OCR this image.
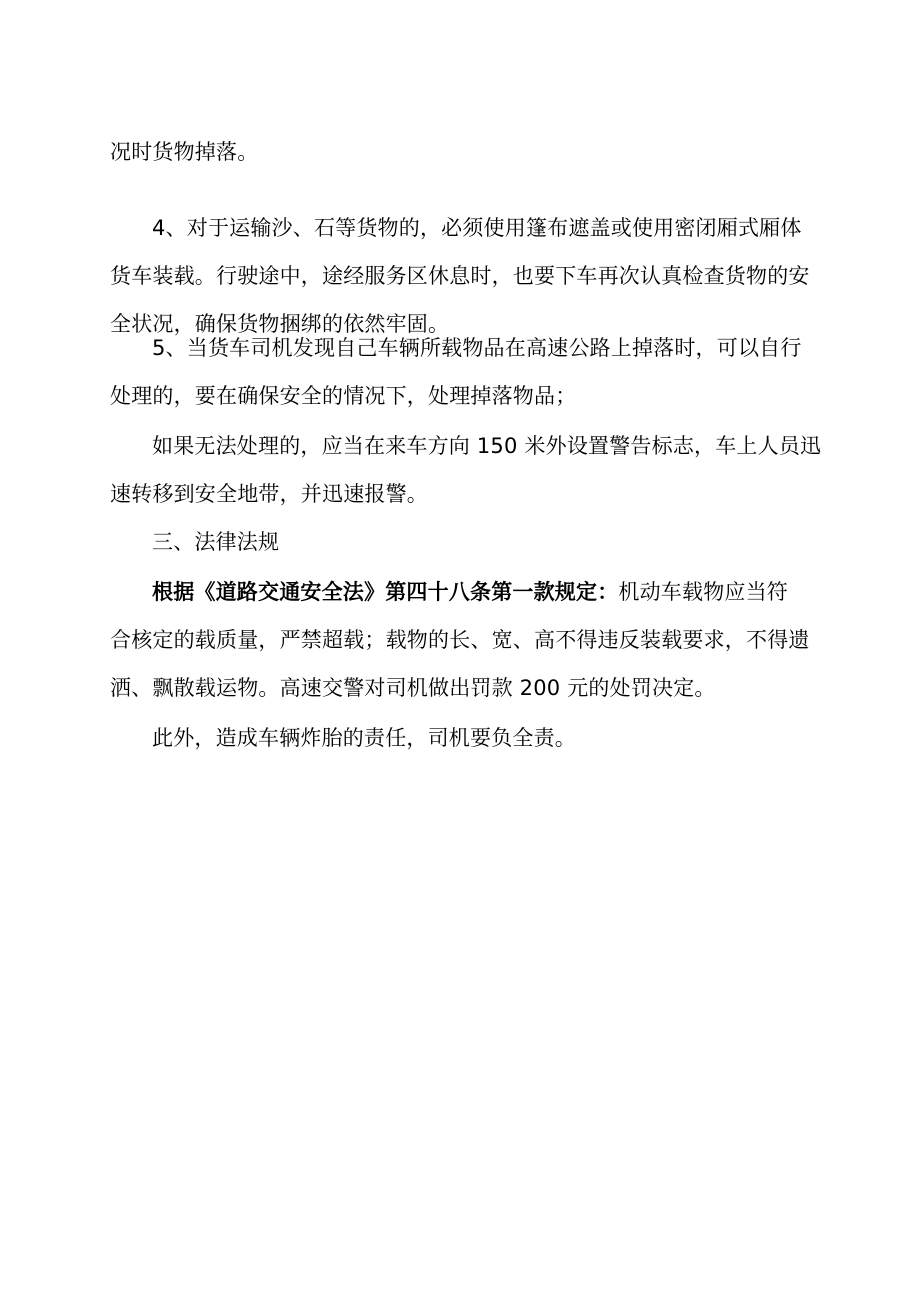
况时货物掉落。
4、对于运输沙、石等货物的，必须使用篷布遮盖或使用密闭厢式厢体
货车装载。行驶途中，途经服务区休息时，也要下车再次认真检查货物的安
全状况，确保货物捆绑的依然牢固。
5、当货车司机发现自己车辆所载物品在高速公路上掉落时，可以自行
处理的，要在确保安全的情况下，处理掉落物品；
如果无法处理的，应当在来车方向 150 米外设置警告标志，车上人员迅
速转移到安全地带，并迅速报警。
三、法律法规
根据《道路交通安全法》第四十八条第一款规定：机动车载物应当符
合核定的载质量，严禁超载；载物的长、宽、高不得违反装载要求，不得遗
洒、飘散载运物。高速交警对司机做出罚款 200 元的处罚决定。
此外，造成车辆炸胎的责任，司机要负全责。
